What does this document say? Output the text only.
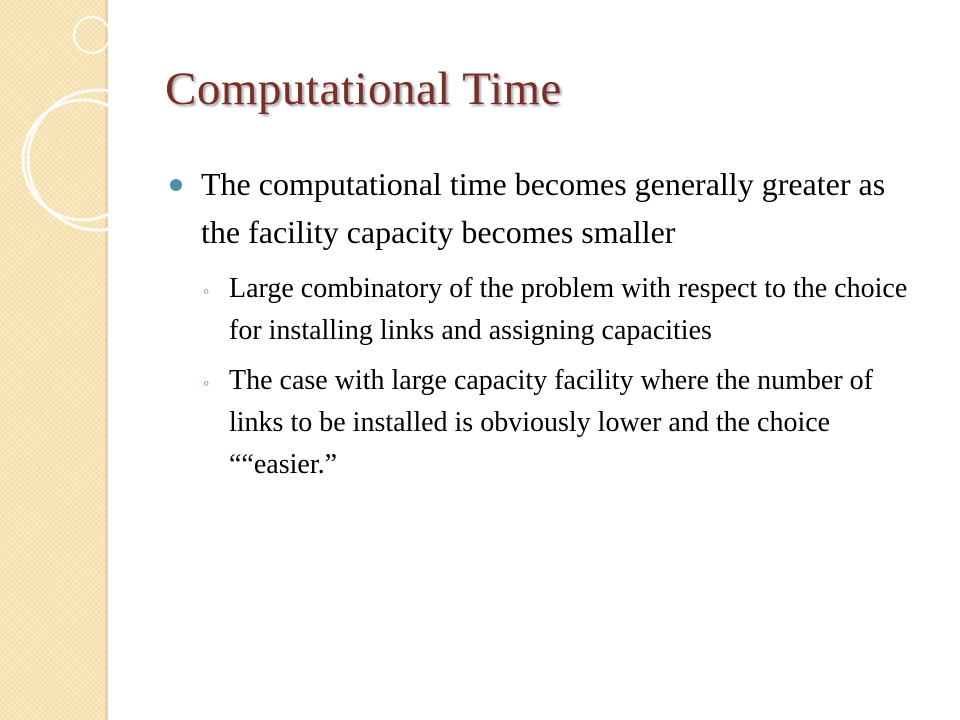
Computational Time
The computational time becomes generally greater as the facility capacity becomes smaller
◦ Large combinatory of the problem with respect to the choice for installing links and assigning capacities
◦ The case with large capacity facility where the number of links to be installed is obviously lower and the choice ““easier.”
